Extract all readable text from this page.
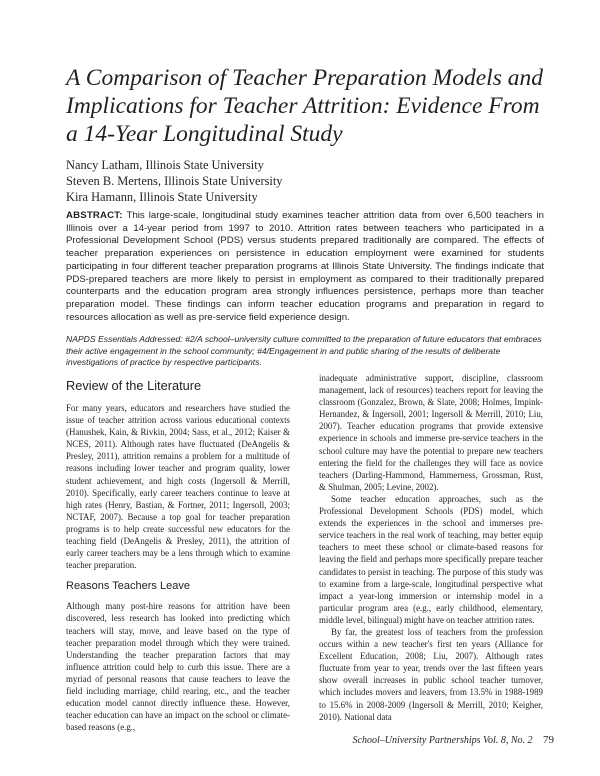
A Comparison of Teacher Preparation Models and Implications for Teacher Attrition: Evidence From a 14-Year Longitudinal Study
Nancy Latham, Illinois State University
Steven B. Mertens, Illinois State University
Kira Hamann, Illinois State University

ABSTRACT: This large-scale, longitudinal study examines teacher attrition data from over 6,500 teachers in Illinois over a 14-year period from 1997 to 2010. Attrition rates between teachers who participated in a Professional Development School (PDS) versus students prepared traditionally are compared. The effects of teacher preparation experiences on persistence in education employment were examined for students participating in four different teacher preparation programs at Illinois State University. The findings indicate that PDS-prepared teachers are more likely to persist in employment as compared to their traditionally prepared counterparts and the education program area strongly influences persistence, perhaps more than teacher preparation model. These findings can inform teacher education programs and preparation in regard to resources allocation as well as pre-service field experience design.

NAPDS Essentials Addressed: #2/A school–university culture committed to the preparation of future educators that embraces their active engagement in the school community; #4/Engagement in and public sharing of the results of deliberate investigations of practice by respective participants.

Review of the Literature

For many years, educators and researchers have studied the issue of teacher attrition across various educational contexts (Hanushek, Kain, & Rivkin, 2004; Sass, et al., 2012; Kaiser & NCES, 2011). Although rates have fluctuated (DeAngelis & Presley, 2011), attrition remains a problem for a multitude of reasons including lower teacher and program quality, lower student achievement, and high costs (Ingersoll & Merrill, 2010). Specifically, early career teachers continue to leave at high rates (Henry, Bastian, & Fortner, 2011; Ingersoll, 2003; NCTAF, 2007). Because a top goal for teacher preparation programs is to help create successful new educators for the teaching field (DeAngelis & Presley, 2011), the attrition of early career teachers may be a lens through which to examine teacher preparation.

Reasons Teachers Leave

Although many post-hire reasons for attrition have been discovered, less research has looked into predicting which teachers will stay, move, and leave based on the type of teacher preparation model through which they were trained. Understanding the teacher preparation factors that may influence attrition could help to curb this issue. There are a myriad of personal reasons that cause teachers to leave the field including marriage, child rearing, etc., and the teacher education model cannot directly influence these. However, teacher education can have an impact on the school or climate-based reasons (e.g.,

inadequate administrative support, discipline, classroom management, lack of resources) teachers report for leaving the classroom (Gonzalez, Brown, & Slate, 2008; Holmes, Impink-Hernandez, & Ingersoll, 2001; Ingersoll & Merrill, 2010; Liu, 2007). Teacher education programs that provide extensive experience in schools and immerse pre-service teachers in the school culture may have the potential to prepare new teachers entering the field for the challenges they will face as novice teachers (Darling-Hammond, Hammerness, Grossman, Rust, & Shulman, 2005; Levine, 2002).

Some teacher education approaches, such as the Professional Development Schools (PDS) model, which extends the experiences in the school and immerses pre-service teachers in the real work of teaching, may better equip teachers to meet these school or climate-based reasons for leaving the field and perhaps more specifically prepare teacher candidates to persist in teaching. The purpose of this study was to examine from a large-scale, longitudinal perspective what impact a year-long immersion or internship model in a particular program area (e.g., early childhood, elementary, middle level, bilingual) might have on teacher attrition rates.

By far, the greatest loss of teachers from the profession occurs within a new teacher's first ten years (Alliance for Excellent Education, 2008; Liu, 2007). Although rates fluctuate from year to year, trends over the last fifteen years show overall increases in public school teacher turnover, which includes movers and leavers, from 13.5% in 1988-1989 to 15.6% in 2008-2009 (Ingersoll & Merrill, 2010; Keigher, 2010). National data

School–University Partnerships Vol. 8, No. 2 79
